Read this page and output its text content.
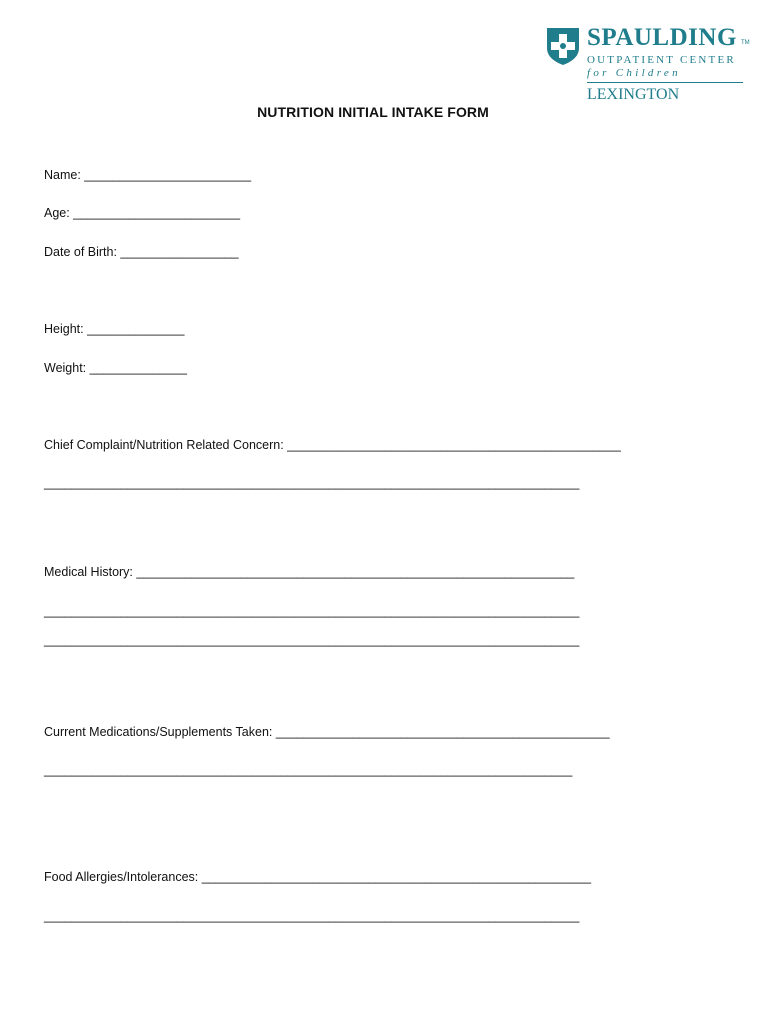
SPAULDING TM
OUTPATIENT CENTER
for Children
LEXINGTON
NUTRITION INITIAL INTAKE FORM
Name: ________________________
Age: ________________________
Date of Birth: _________________
Height: ______________
Weight: ______________
Chief Complaint/Nutrition Related Concern: ________________________________________________
_____________________________________________________________________________
Medical History: _______________________________________________________________
_____________________________________________________________________________
_____________________________________________________________________________
Current Medications/Supplements Taken: ________________________________________________
____________________________________________________________________________
Food Allergies/Intolerances: ________________________________________________________
_____________________________________________________________________________
